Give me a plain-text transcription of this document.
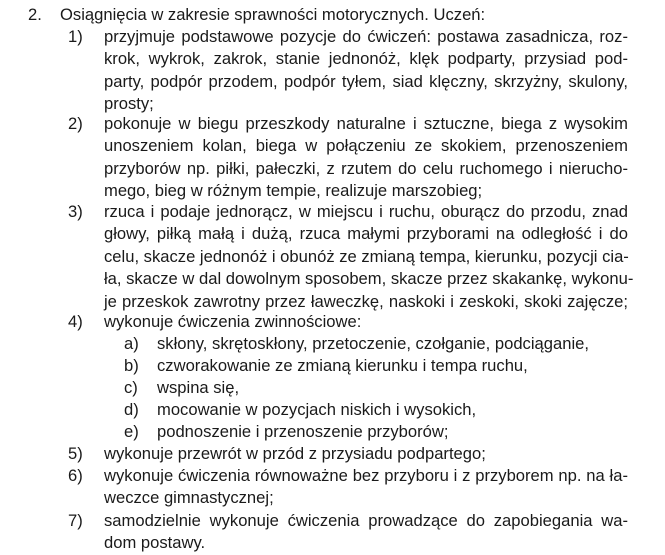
2. Osiągnięcia w zakresie sprawności motorycznych. Uczeń:
1) przyjmuje podstawowe pozycje do ćwiczeń: postawa zasadnicza, roz-
krok, wykrok, zakrok, stanie jednonóż, klęk podparty, przysiad pod-
party, podpór przodem, podpór tyłem, siad klęczny, skrzyżny, skulony,
prosty;
2) pokonuje w biegu przeszkody naturalne i sztuczne, biega z wysokim
unoszeniem kolan, biega w połączeniu ze skokiem, przenoszeniem
przyborów np. piłki, pałeczki, z rzutem do celu ruchomego i nierucho-
mego, bieg w różnym tempie, realizuje marszobieg;
3) rzuca i podaje jednorącz, w miejscu i ruchu, oburącz do przodu, znad
głowy, piłką małą i dużą, rzuca małymi przyborami na odległość i do
celu, skacze jednonóż i obunóż ze zmianą tempa, kierunku, pozycji cia-
ła, skacze w dal dowolnym sposobem, skacze przez skakankę, wykonu-
je przeskok zawrotny przez ławeczkę, naskoki i zeskoki, skoki zajęcze;
4) wykonuje ćwiczenia zwinnościowe:
a) skłony, skrętoskłony, przetoczenie, czołganie, podciąganie,
b) czworakowanie ze zmianą kierunku i tempa ruchu,
c) wspina się,
d) mocowanie w pozycjach niskich i wysokich,
e) podnoszenie i przenoszenie przyborów;
5) wykonuje przewrót w przód z przysiadu podpartego;
6) wykonuje ćwiczenia równoważne bez przyboru i z przyborem np. na ła-
weczce gimnastycznej;
7) samodzielnie wykonuje ćwiczenia prowadzące do zapobiegania wa-
dom postawy.
